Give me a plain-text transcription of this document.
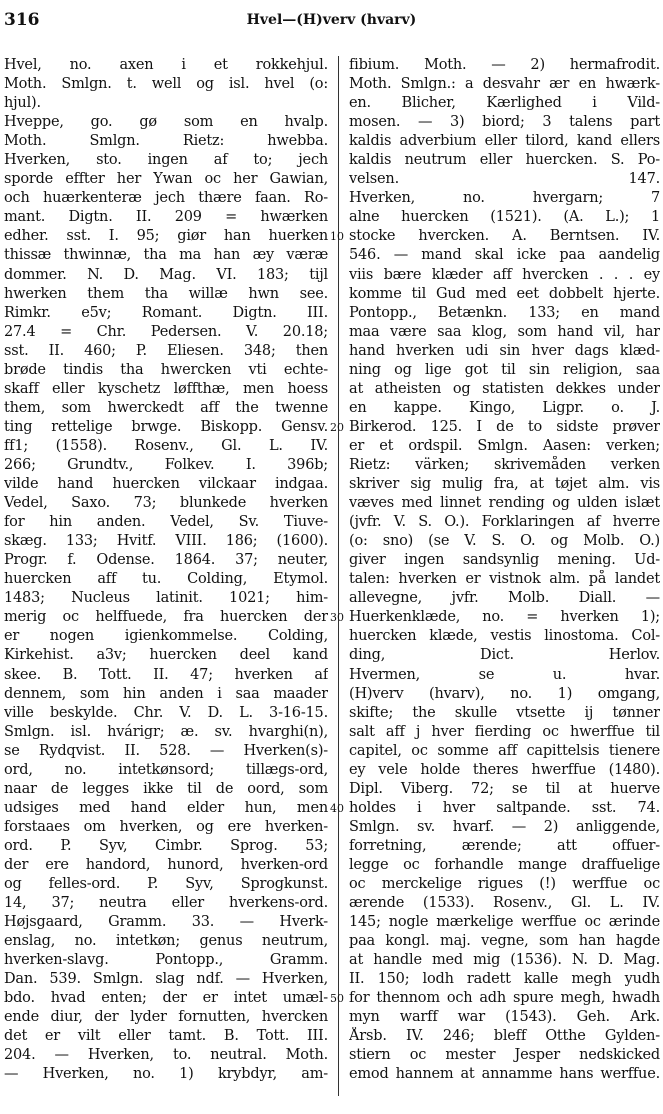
316	Hvel—(H)verv (hvarv)
Hvel, no. axen i et rokkehjul.
Moth. Smlgn. t. well og isl. hvel (o:
hjul).
Hveppe, go. gø som en hvalp.
Moth. Smlgn. Rietz: hwebba.
Hverken, sto. ingen af to; jech
sporde effter her Ywan oc her Gawian,
och huærkenteræ jech thære faan. Ro-
mant. Digtn. II. 209 = hwærken
edher. sst. I. 95; giør han huerken
thissæ thwinnæ, tha ma han æy væræ
dommer. N. D. Mag. VI. 183; tijl
hwerken them tha willæ hwn see.
Rimkr. e5v; Romant. Digtn. III.
27.4 = Chr. Pedersen. V. 20.18;
sst. II. 460; P. Eliesen. 348; then
brøde tindis tha hwercken vti echte-
skaff eller kyschetz løffthæ, men hoess
them, som hwerckedt aff the twenne
ting rettelige brwge. Biskopp. Gensv.
ff1; (1558). Rosenv., Gl. L. IV.
266; Grundtv., Folkev. I. 396b;
vilde hand huercken vilckaar indgaa.
Vedel, Saxo. 73; blunkede hverken
for hin anden. Vedel, Sv. Tiuve-
skæg. 133; Hvitf. VIII. 186; (1600).
Progr. f. Odense. 1864. 37; neuter,
huercken aff tu. Colding, Etymol.
1483; Nucleus latinit. 1021; him-
merig oc helffuede, fra huercken der
er nogen igienkommelse. Colding,
Kirkehist. a3v; huercken deel kand
skee. B. Tott. II. 47; hverken af
dennem, som hin anden i saa maader
ville beskylde. Chr. V. D. L. 3-16-15.
Smlgn. isl. hvárigr; æ. sv. hvarghi(n),
se Rydqvist. II. 528. — Hverken(s)-
ord, no. intetkønsord; tillægs-ord,
naar de legges ikke til de oord, som
udsiges med hand elder hun, men
forstaaes om hverken, og ere hverken-
ord. P. Syv, Cimbr. Sprog. 53;
der ere handord, hunord, hverken-ord
og felles-ord. P. Syv, Sprogkunst.
14, 37; neutra eller hverkens-ord.
Højsgaard, Gramm. 33. — Hverk-
enslag, no. intetkøn; genus neutrum,
hverken-slavg. Pontopp., Gramm.
Dan. 539. Smlgn. slag ndf. — Hverken,
bdo. hvad enten; der er intet umæl-
ende diur, der lyder fornutten, hvercken
det er vilt eller tamt. B. Tott. III.
204. — Hverken, to. neutral. Moth.
— Hverken, no. 1) krybdyr, am-
10
20
30
40
50
fibium. Moth. — 2) hermafrodit.
Moth. Smlgn.: a desvahr ær en hwærk-
en. Blicher, Kærlighed i Vild-
mosen. — 3) biord; 3 talens part
kaldis adverbium eller tilord, kand ellers
kaldis neutrum eller huercken. S. Po-
velsen. 147.
Hverken, no. hvergarn; 7
alne huercken (1521). (A. L.); 1
stocke hvercken. A. Berntsen. IV.
546. — mand skal icke paa aandelig
viis bære klæder aff hvercken . . . ey
komme til Gud med eet dobbelt hjerte.
Pontopp., Betænkn. 133; en mand
maa være saa klog, som hand vil, har
hand hverken udi sin hver dags klæd-
ning og lige got til sin religion, saa
at atheisten og statisten dekkes under
en kappe. Kingo, Ligpr. o. J.
Birkerod. 125. I de to sidste prøver
er et ordspil. Smlgn. Aasen: verken;
Rietz: värken; skrivemåden verken
skriver sig mulig fra, at tøjet alm. vis
væves med linnet rending og ulden islæt
(jvfr. V. S. O.). Forklaringen af hverre
(o: sno) (se V. S. O. og Molb. O.)
giver ingen sandsynlig mening. Ud-
talen: hverken er vistnok alm. på landet
allevegne, jvfr. Molb. Diall. —
Huerkenklæde, no. = hverken 1);
huercken klæde, vestis linostoma. Col-
ding, Dict. Herlov.
Hvermen, se u. hvar.
(H)verv (hvarv), no. 1) omgang,
skifte; the skulle vtsette ij tønner
salt aff j hver fierding oc hwerffue til
capitel, oc somme aff capittelsis tienere
ey vele holde theres hwerffue (1480).
Dipl. Viberg. 72; se til at huerve
holdes i hver saltpande. sst. 74.
Smlgn. sv. hvarf. — 2) anliggende,
forretning, ærende; att offuer-
legge oc forhandle mange draffuelige
oc merckelige rigues (!) werffue oc
ærende (1533). Rosenv., Gl. L. IV.
145; nogle mærkelige werffue oc ærinde
paa kongl. maj. vegne, som han hagde
at handle med mig (1536). N. D. Mag.
II. 150; lodh radett kalle megh yudh
for thennom och adh spure megh, hwadh
myn warff war (1543). Geh. Ark.
Årsb. IV. 246; bleff Otthe Gylden-
stiern oc mester Jesper nedskicked
emod hannem at annamme hans werffue.
